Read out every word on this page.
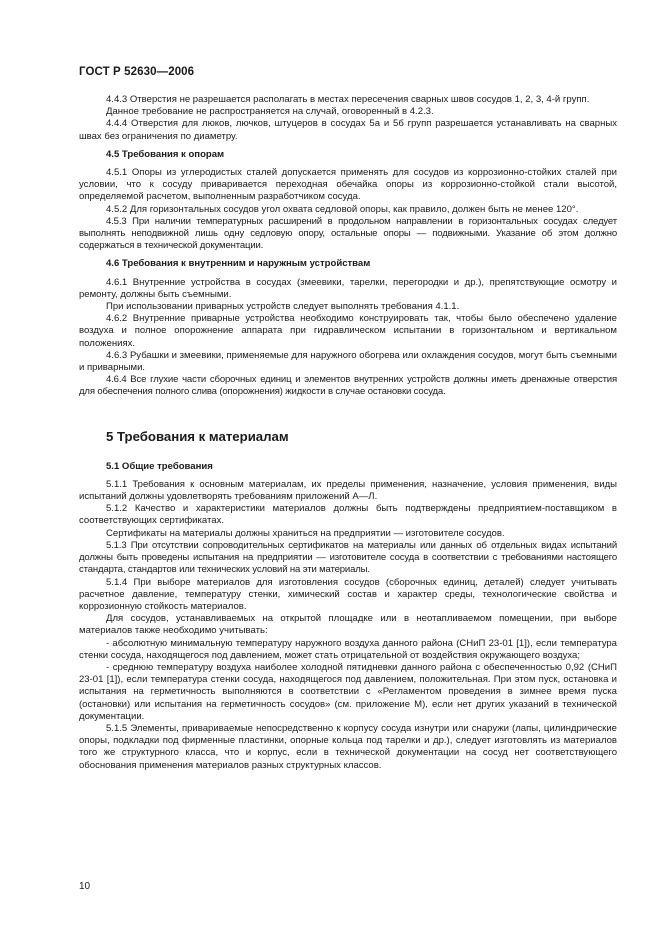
ГОСТ Р 52630—2006

4.4.3 Отверстия не разрешается располагать в местах пересечения сварных швов сосудов 1, 2, 3, 4-й групп.

Данное требование не распространяется на случай, оговоренный в 4.2.3.

4.4.4 Отверстия для люков, лючков, штуцеров в сосудах 5а и 5б групп разрешается устанавливать на сварных швах без ограничения по диаметру.

4.5 Требования к опорам

4.5.1 Опоры из углеродистых сталей допускается применять для сосудов из коррозионно-стойких сталей при условии, что к сосуду приваривается переходная обечайка опоры из коррозионно-стойкой стали высотой, определяемой расчетом, выполненным разработчиком сосуда.

4.5.2 Для горизонтальных сосудов угол охвата седловой опоры, как правило, должен быть не менее 120°.

4.5.3 При наличии температурных расширений в продольном направлении в горизонтальных сосудах следует выполнять неподвижной лишь одну седловую опору, остальные опоры — подвижными. Указание об этом должно содержаться в технической документации.

4.6 Требования к внутренним и наружным устройствам

4.6.1 Внутренние устройства в сосудах (змеевики, тарелки, перегородки и др.), препятствующие осмотру и ремонту, должны быть съемными.

При использовании приварных устройств следует выполнять требования 4.1.1.

4.6.2 Внутренние приварные устройства необходимо конструировать так, чтобы было обеспечено удаление воздуха и полное опорожнение аппарата при гидравлическом испытании в горизонтальном и вертикальном положениях.

4.6.3 Рубашки и змеевики, применяемые для наружного обогрева или охлаждения сосудов, могут быть съемными и приварными.

4.6.4 Все глухие части сборочных единиц и элементов внутренних устройств должны иметь дренажные отверстия для обеспечения полного слива (опорожнения) жидкости в случае остановки сосуда.

5 Требования к материалам

5.1 Общие требования

5.1.1 Требования к основным материалам, их пределы применения, назначение, условия применения, виды испытаний должны удовлетворять требованиям приложений А—Л.

5.1.2 Качество и характеристики материалов должны быть подтверждены предприятием-поставщиком в соответствующих сертификатах.

Сертификаты на материалы должны храниться на предприятии — изготовителе сосудов.

5.1.3 При отсутствии сопроводительных сертификатов на материалы или данных об отдельных видах испытаний должны быть проведены испытания на предприятии — изготовителе сосуда в соответствии с требованиями настоящего стандарта, стандартов или технических условий на эти материалы.

5.1.4 При выборе материалов для изготовления сосудов (сборочных единиц, деталей) следует учитывать расчетное давление, температуру стенки, химический состав и характер среды, технологические свойства и коррозионную стойкость материалов.

Для сосудов, устанавливаемых на открытой площадке или в неотапливаемом помещении, при выборе материалов также необходимо учитывать:

- абсолютную минимальную температуру наружного воздуха данного района (СНиП 23-01 [1]), если температура стенки сосуда, находящегося под давлением, может стать отрицательной от воздействия окружающего воздуха;

- среднюю температуру воздуха наиболее холодной пятидневки данного района с обеспеченностью 0,92 (СНиП 23-01 [1]), если температура стенки сосуда, находящегося под давлением, положительная. При этом пуск, остановка и испытания на герметичность выполняются в соответствии с «Регламентом проведения в зимнее время пуска (остановки) или испытания на герметичность сосудов» (см. приложение М), если нет других указаний в технической документации.

5.1.5 Элементы, привариваемые непосредственно к корпусу сосуда изнутри или снаружи (лапы, цилиндрические опоры, подкладки под фирменные пластинки, опорные кольца под тарелки и др.), следует изготовлять из материалов того же структурного класса, что и корпус, если в технической документации на сосуд нет соответствующего обоснования применения материалов разных структурных классов.

10
